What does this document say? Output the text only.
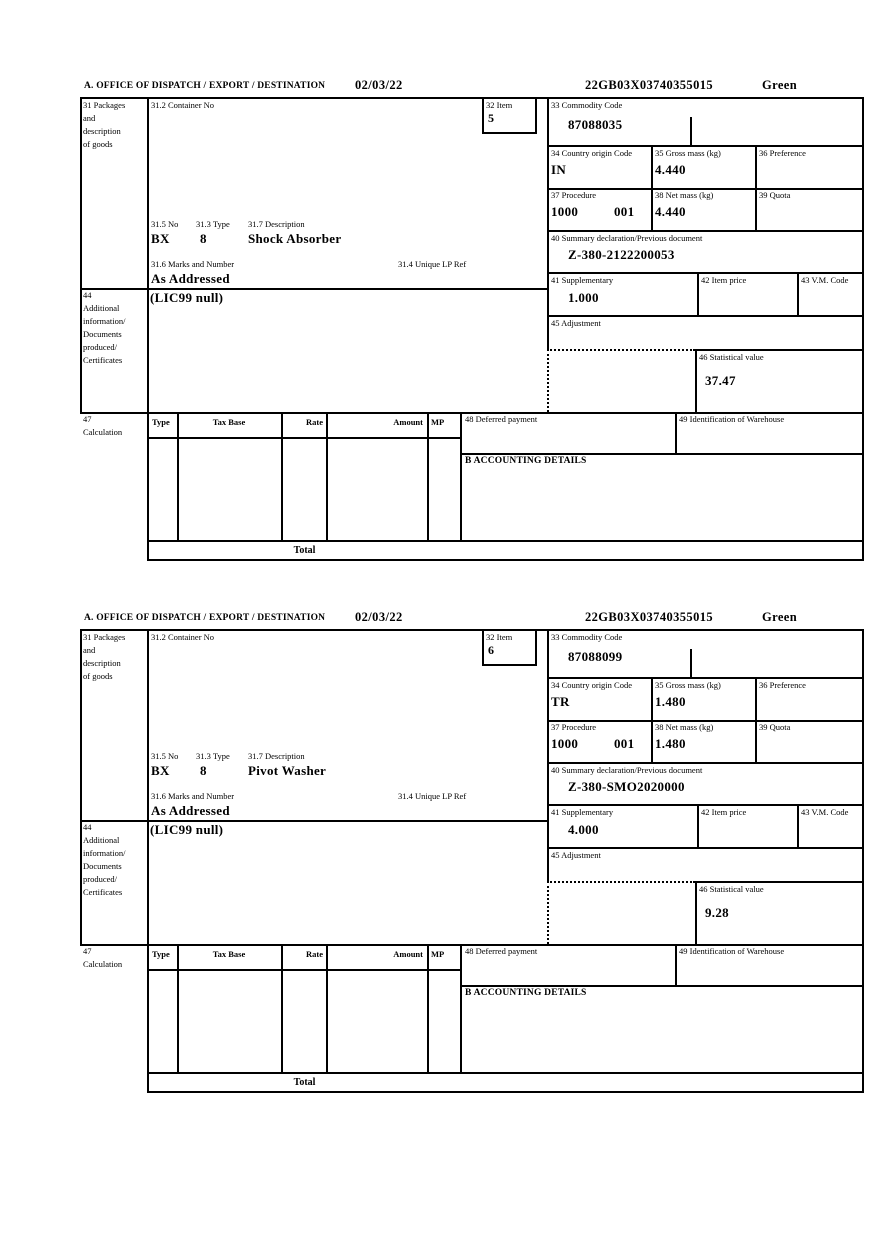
A. OFFICE OF DISPATCH / EXPORT / DESTINATION 02/03/22	22GB03X03740355015	Green
31 Packages
and
description
of goods
31.2 Container No	32 Item
5
33 Commodity Code
87088035
34 Country origin Code
IN
35 Gross mass (kg)
4.440
36 Preference
37 Procedure
1000	001
38 Net mass (kg)
4.440
39 Quota
40 Summary declaration/Previous document
Z-380-2122200053
41 Supplementary
1.000
42 Item price	43 V.M. Code
45 Adjustment
46 Statistical value
37.47
31.5 No 31.3 Type 31.7 Description
BX 8	Shock Absorber
31.6 Marks and Number	31.4 Unique LP Ref
As Addressed
44
Additional
information/
Documents
produced/
Certificates
(LIC99 null)
47
Calculation
Type	Tax Base	Rate	Amount MP 48 Deferred payment	49 Identification of Warehouse
B ACCOUNTING DETAILS
Total
A. OFFICE OF DISPATCH / EXPORT / DESTINATION 02/03/22	22GB03X03740355015	Green
31 Packages
and
description
of goods
31.2 Container No	32 Item
6
33 Commodity Code
87088099
34 Country origin Code
TR
35 Gross mass (kg)
1.480
36 Preference
37 Procedure
1000	001
38 Net mass (kg)
1.480
39 Quota
40 Summary declaration/Previous document
Z-380-SMO2020000
41 Supplementary
4.000
42 Item price	43 V.M. Code
45 Adjustment
46 Statistical value
9.28
31.5 No 31.3 Type 31.7 Description
BX 8	Pivot Washer
31.6 Marks and Number	31.4 Unique LP Ref
As Addressed
44
Additional
information/
Documents
produced/
Certificates
(LIC99 null)
47
Calculation
Type	Tax Base	Rate	Amount MP 48 Deferred payment	49 Identification of Warehouse
B ACCOUNTING DETAILS
Total
